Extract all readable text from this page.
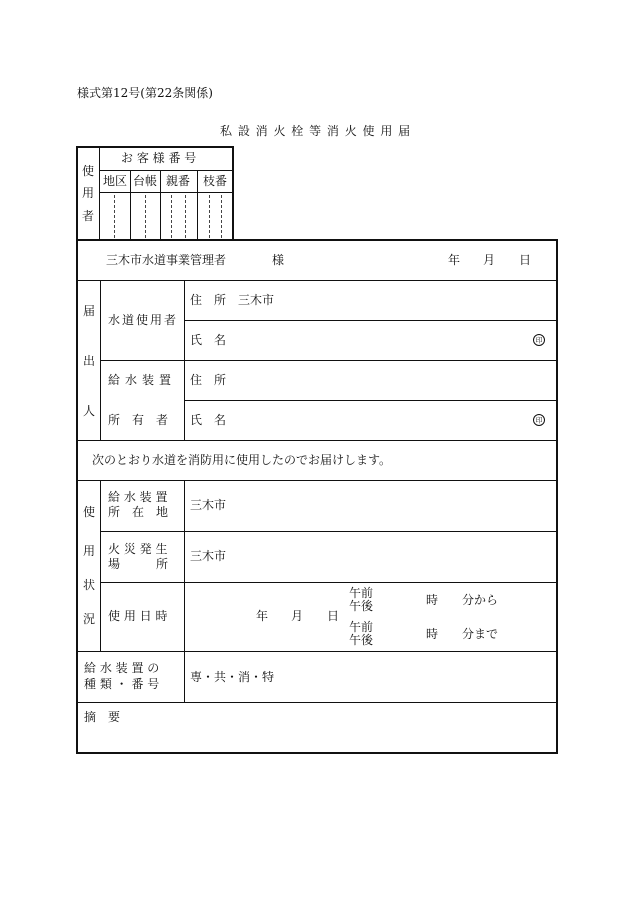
様式第12号(第22条関係)
私 設 消 火 栓 等 消 火 使 用 届
使
用
者
お 客 様 番 号
地区 台帳 親番 枝番
三木市水道事業管理者	様	年 月 日
届
出
人
水道使用者
住　所 三木市
氏　名	印
給水装置
所　有　者
住　所
氏　名	印
次のとおり水道を消防用に使用したのでお届けします。
使
用
状
況
給 水 装 置
所　在　地 三木市
火 災 発 生
場　　　所
三木市
使 用 日 時	年 月 日
午前
午後	時 分から
午前
午後	時 分まで
給 水 装 置 の
種 類 ・ 番 号	専・共・消・特
摘　要
